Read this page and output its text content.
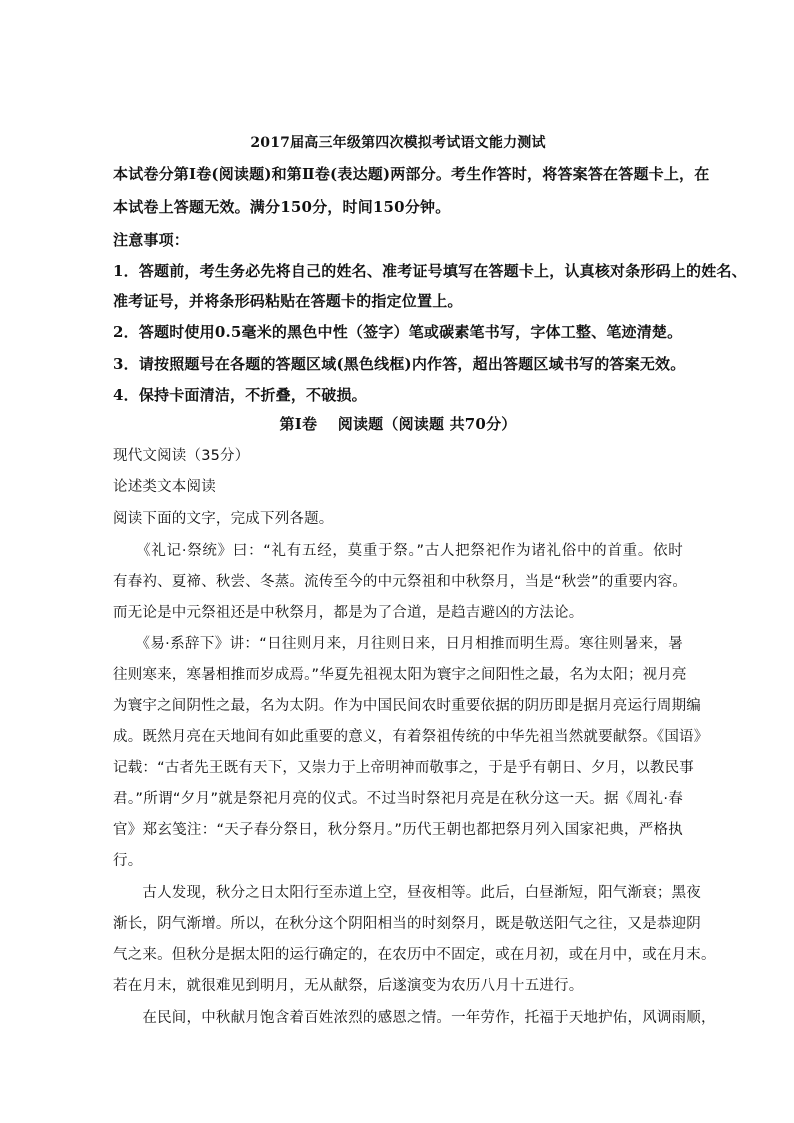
2017届高三年级第四次模拟考试语文能力测试
本试卷分第Ⅰ卷(阅读题)和第Ⅱ卷(表达题)两部分。考生作答时，将答案答在答题卡上，在
本试卷上答题无效。满分150分，时间150分钟。
注意事项：
1．答题前，考生务必先将自己的姓名、准考证号填写在答题卡上，认真核对条形码上的姓名、
准考证号，并将条形码粘贴在答题卡的指定位置上。
2．答题时使用0.5毫米的黑色中性（签字）笔或碳素笔书写，字体工整、笔迹清楚。
3．请按照题号在各题的答题区域(黑色线框)内作答，超出答题区域书写的答案无效。
4．保持卡面清洁，不折叠，不破损。
第Ⅰ卷　 阅读题（阅读题 共70分）
现代文阅读（35分）
论述类文本阅读
阅读下面的文字，完成下列各题。
　　《礼记·祭统》曰：“礼有五经，莫重于祭。”古人把祭祀作为诸礼俗中的首重。依时
有春礿、夏禘、秋尝、冬蒸。流传至今的中元祭祖和中秋祭月，当是“秋尝”的重要内容。
而无论是中元祭祖还是中秋祭月，都是为了合道，是趋吉避凶的方法论。
　　《易·系辞下》讲：“日往则月来，月往则日来，日月相推而明生焉。寒往则暑来，暑
往则寒来，寒暑相推而岁成焉。”华夏先祖视太阳为寰宇之间阳性之最，名为太阳；视月亮
为寰宇之间阴性之最，名为太阴。作为中国民间农时重要依据的阴历即是据月亮运行周期编
成。既然月亮在天地间有如此重要的意义，有着祭祖传统的中华先祖当然就要献祭。《国语》
记载：“古者先王既有天下，又崇力于上帝明神而敬事之，于是乎有朝日、夕月，以教民事
君。”所谓“夕月”就是祭祀月亮的仪式。不过当时祭祀月亮是在秋分这一天。据《周礼·春
官》郑玄笺注：“天子春分祭日，秋分祭月。”历代王朝也都把祭月列入国家祀典，严格执
行。
　　古人发现，秋分之日太阳行至赤道上空，昼夜相等。此后，白昼渐短，阳气渐衰；黑夜
渐长，阴气渐增。所以，在秋分这个阴阳相当的时刻祭月，既是敬送阳气之往，又是恭迎阴
气之来。但秋分是据太阳的运行确定的，在农历中不固定，或在月初，或在月中，或在月末。
若在月末，就很难见到明月，无从献祭，后遂演变为农历八月十五进行。
　　在民间，中秋献月饱含着百姓浓烈的感恩之情。一年劳作，托福于天地护佑，风调雨顺，
